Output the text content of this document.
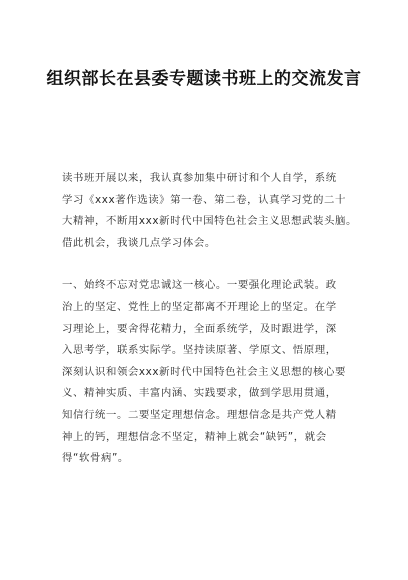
组织部长在县委专题读书班上的交流发言

读书班开展以来，我认真参加集中研讨和个人自学，系统
学习《xxx著作选读》第一卷、第二卷，认真学习党的二十
大精神，不断用xxx新时代中国特色社会主义思想武装头脑。
借此机会，我谈几点学习体会。

一、始终不忘对党忠诚这一核心。一要强化理论武装。政
治上的坚定、党性上的坚定都离不开理论上的坚定。在学
习理论上，要舍得花精力，全面系统学，及时跟进学，深
入思考学，联系实际学。坚持读原著、学原文、悟原理，
深刻认识和领会xxx新时代中国特色社会主义思想的核心要
义、精神实质、丰富内涵、实践要求，做到学思用贯通，
知信行统一。二要坚定理想信念。理想信念是共产党人精
神上的钙，理想信念不坚定，精神上就会“缺钙”，就会
得“软骨病”。
